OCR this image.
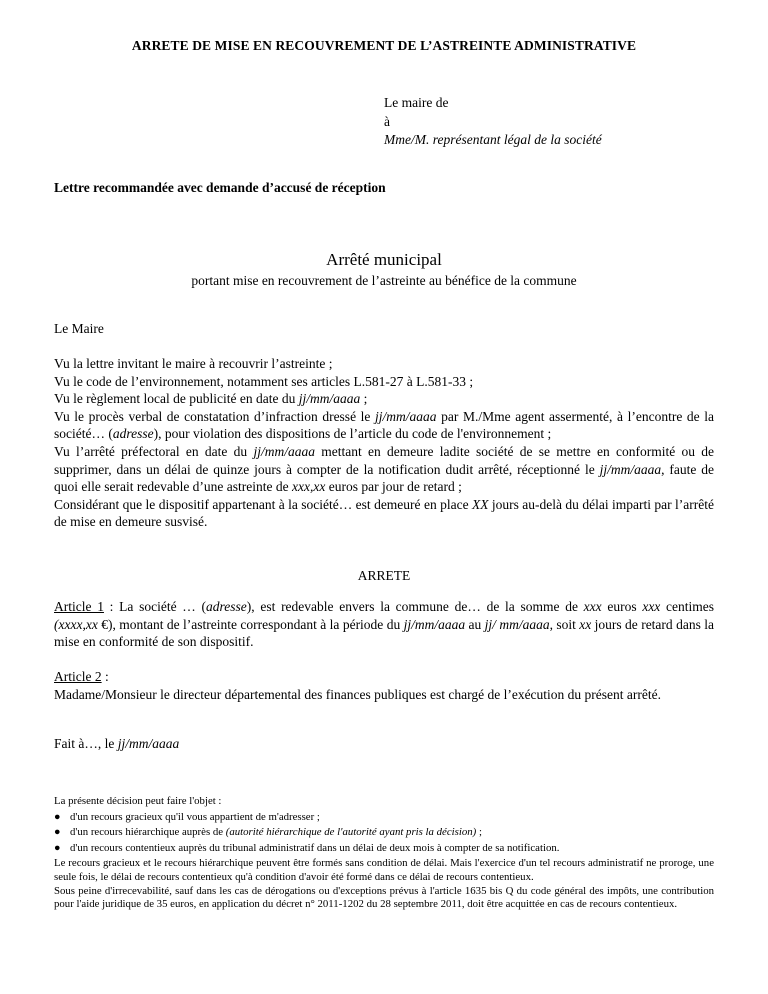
ARRETE DE MISE EN RECOUVREMENT DE L’ASTREINTE ADMINISTRATIVE
Le maire de
à
Mme/M. représentant légal de la société
Lettre recommandée avec demande d’accusé de réception
Arrêté municipal
portant mise en recouvrement de l’astreinte au bénéfice de la commune
Le Maire
Vu la lettre invitant le maire à recouvrir l’astreinte ;
Vu le code de l’environnement, notamment ses articles L.581-27 à L.581-33 ;
Vu le règlement local de publicité en date du jj/mm/aaaa ;
Vu le procès verbal de constatation d’infraction dressé le jj/mm/aaaa par M./Mme agent assermenté, à l’encontre de la société… (adresse), pour violation des dispositions de l’article du code de l'environnement ;
Vu l’arrêté préfectoral en date du jj/mm/aaaa mettant en demeure ladite société de se mettre en conformité ou de supprimer, dans un délai de quinze jours à compter de la notification dudit arrêté, réceptionné le jj/mm/aaaa, faute de quoi elle serait redevable d’une astreinte de xxx,xx euros par jour de retard ;
Considérant que le dispositif appartenant à la société… est demeuré en place XX jours au-delà du délai imparti par l’arrêté de mise en demeure susvisé.
ARRETE
Article 1 : La société … (adresse), est redevable envers la commune de… de la somme de xxx euros xxx centimes (xxxx,xx €), montant de l’astreinte correspondant à la période du jj/mm/aaaa au jj/ mm/aaaa, soit xx jours de retard dans la mise en conformité de son dispositif.
Article 2 :
Madame/Monsieur le directeur départemental des finances publiques est chargé de l’exécution du présent arrêté.
Fait à…, le jj/mm/aaaa
La présente décision peut faire l'objet :
● d'un recours gracieux qu'il vous appartient de m'adresser ;
● d'un recours hiérarchique auprès de (autorité hiérarchique de l'autorité ayant pris la décision) ;
● d'un recours contentieux auprès du tribunal administratif dans un délai de deux mois à compter de sa notification.
Le recours gracieux et le recours hiérarchique peuvent être formés sans condition de délai. Mais l'exercice d'un tel recours administratif ne proroge, une seule fois, le délai de recours contentieux qu'à condition d'avoir été formé dans ce délai de recours contentieux.
Sous peine d'irrecevabilité, sauf dans les cas de dérogations ou d'exceptions prévus à l'article 1635 bis Q du code général des impôts, une contribution pour l'aide juridique de 35 euros, en application du décret n° 2011-1202 du 28 septembre 2011, doit être acquittée en cas de recours contentieux.
